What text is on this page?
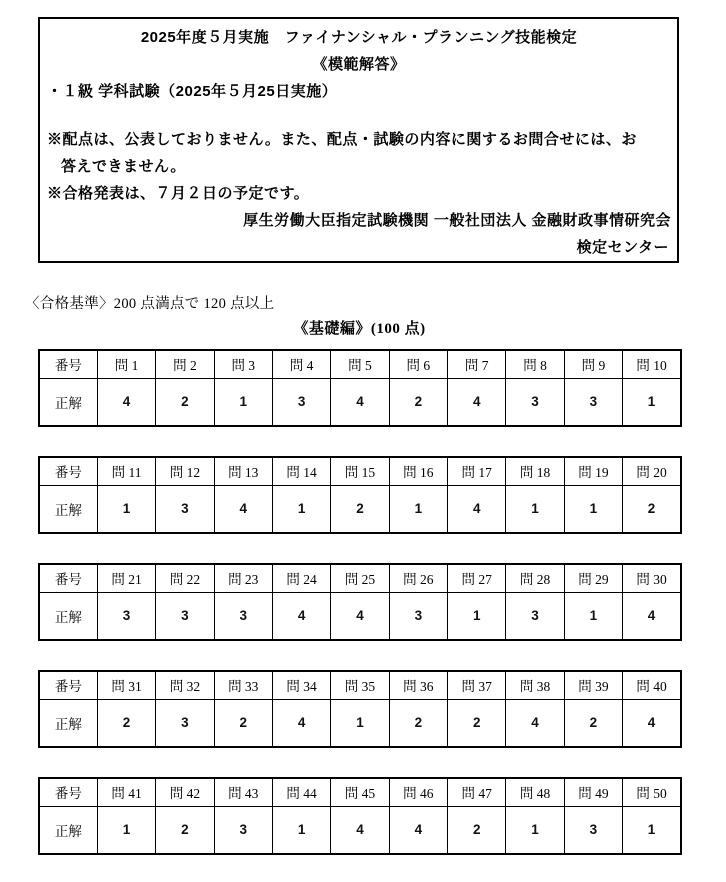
2025年度５月実施　ファイナンシャル・プランニング技能検定
《模範解答》
・１級 学科試験（2025年５月25日実施）
※配点は、公表しておりません。また、配点・試験の内容に関するお問合せには、お
答えできません。
※合格発表は、７月２日の予定です。
厚生労働大臣指定試験機関 一般社団法人 金融財政事情研究会
検定センター
〈合格基準〉200 点満点で 120 点以上
《基礎編》(100 点)
番号	問 1	問 2	問 3	問 4	問 5	問 6	問 7	問 8	問 9	問 10
正解	4	2	1	3	4	2	4	3	3	1
番号	問 11	問 12	問 13	問 14	問 15	問 16	問 17	問 18	問 19	問 20
正解	1	3	4	1	2	1	4	1	1	2
番号	問 21	問 22	問 23	問 24	問 25	問 26	問 27	問 28	問 29	問 30
正解	3	3	3	4	4	3	1	3	1	4
番号	問 31	問 32	問 33	問 34	問 35	問 36	問 37	問 38	問 39	問 40
正解	2	3	2	4	1	2	2	4	2	4
番号	問 41	問 42	問 43	問 44	問 45	問 46	問 47	問 48	問 49	問 50
正解	1	2	3	1	4	4	2	1	3	1
